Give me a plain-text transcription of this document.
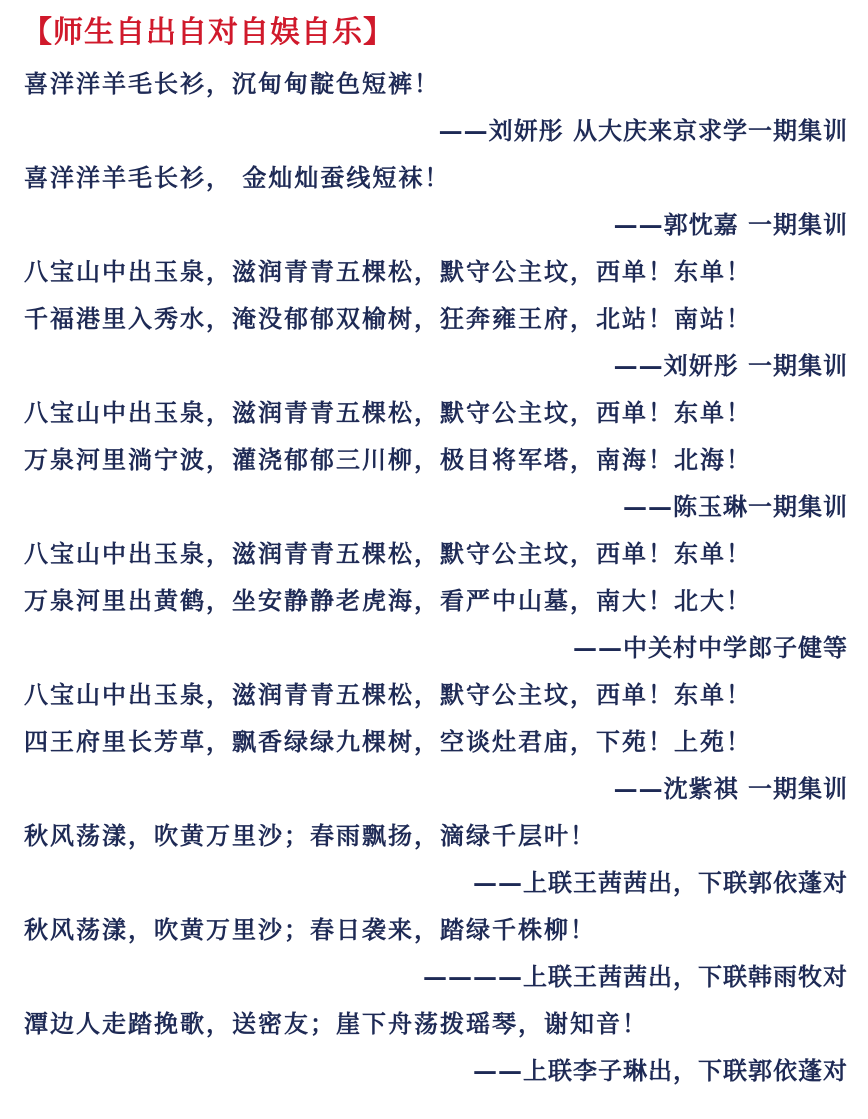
【师生自出自对自娱自乐】
喜洋洋羊毛长衫，沉甸甸靛色短裤！
——刘妍彤 从大庆来京求学一期集训
喜洋洋羊毛长衫， 金灿灿蚕线短袜！
——郭忱嘉 一期集训
八宝山中出玉泉，滋润青青五棵松，默守公主坟，西单！东单！
千福港里入秀水，淹没郁郁双榆树，狂奔雍王府，北站！南站！
——刘妍彤 一期集训
八宝山中出玉泉，滋润青青五棵松，默守公主坟，西单！东单！
万泉河里淌宁波，灌浇郁郁三川柳，极目将军塔，南海！北海！
——陈玉琳一期集训
八宝山中出玉泉，滋润青青五棵松，默守公主坟，西单！东单！
万泉河里出黄鹤，坐安静静老虎海，看严中山墓，南大！北大！
——中关村中学郎子健等
八宝山中出玉泉，滋润青青五棵松，默守公主坟，西单！东单！
四王府里长芳草，飘香绿绿九棵树，空谈灶君庙，下苑！上苑！
——沈紫祺 一期集训
秋风荡漾，吹黄万里沙；春雨飘扬，滴绿千层叶！
——上联王茜茜出，下联郭依蓬对
秋风荡漾，吹黄万里沙；春日袭来，踏绿千株柳！
————上联王茜茜出，下联韩雨牧对
潭边人走踏挽歌，送密友；崖下舟荡拨瑶琴，谢知音！
——上联李子琳出，下联郭依蓬对
